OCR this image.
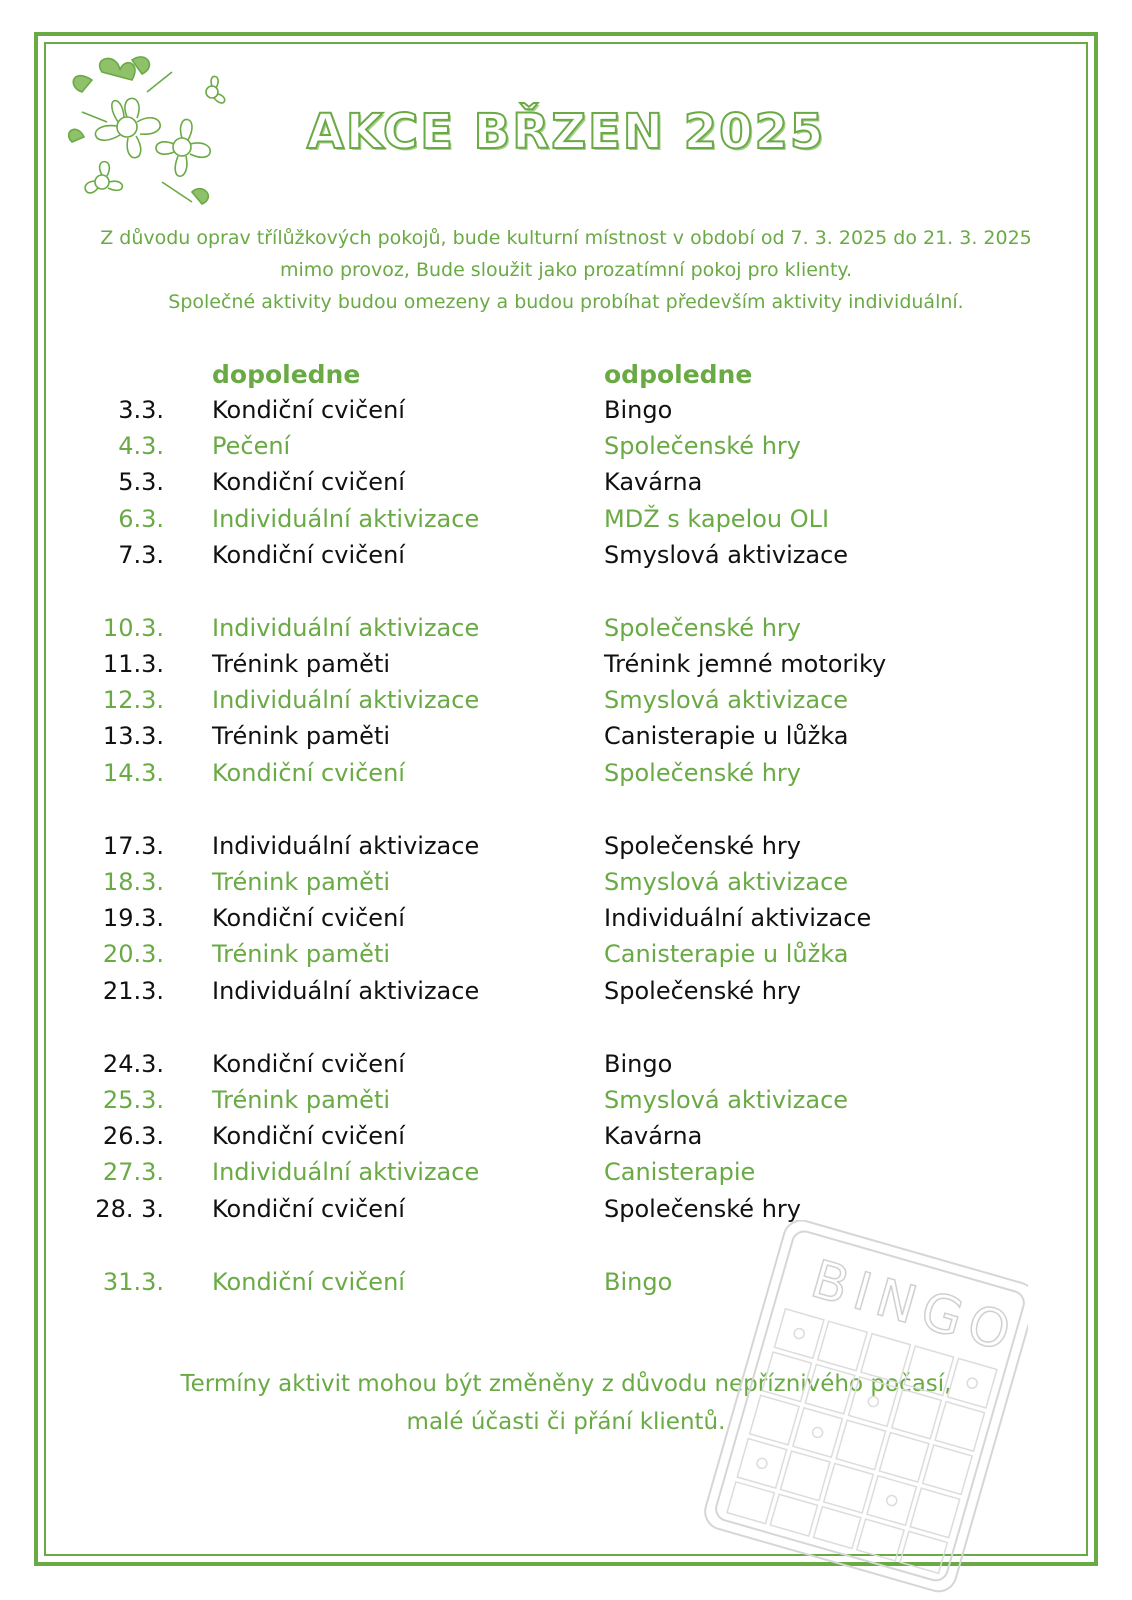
AKCE BŘZEN 2025
Z důvodu oprav třílůžkových pokojů, bude kulturní místnost v období od 7. 3. 2025 do 21. 3. 2025
mimo provoz, Bude sloužit jako prozatímní pokoj pro klienty.
Společné aktivity budou omezeny a budou probíhat především aktivity individuální.
dopoledne	odpoledne
3.3. Kondiční cvičení	Bingo
4.3. Pečení	Společenské hry
5.3. Kondiční cvičení	Kavárna
6.3. Individuální aktivizace	MDŽ s kapelou OLI
7.3. Kondiční cvičení	Smyslová aktivizace
10.3. Individuální aktivizace	Společenské hry
11.3. Trénink paměti	Trénink jemné motoriky
12.3. Individuální aktivizace	Smyslová aktivizace
13.3. Trénink paměti	Canisterapie u lůžka
14.3. Kondiční cvičení	Společenské hry
17.3. Individuální aktivizace	Společenské hry
18.3. Trénink paměti	Smyslová aktivizace
19.3. Kondiční cvičení	Individuální aktivizace
20.3. Trénink paměti	Canisterapie u lůžka
21.3. Individuální aktivizace	Společenské hry
24.3. Kondiční cvičení	Bingo
25.3. Trénink paměti	Smyslová aktivizace
26.3. Kondiční cvičení	Kavárna
27.3. Individuální aktivizace	Canisterapie
28. 3. Kondiční cvičení	Společenské hry
31.3. Kondiční cvičení	Bingo
Termíny aktivit mohou být změněny z důvodu nepříznivého počasí,
malé účasti či přání klientů.
BINGO
